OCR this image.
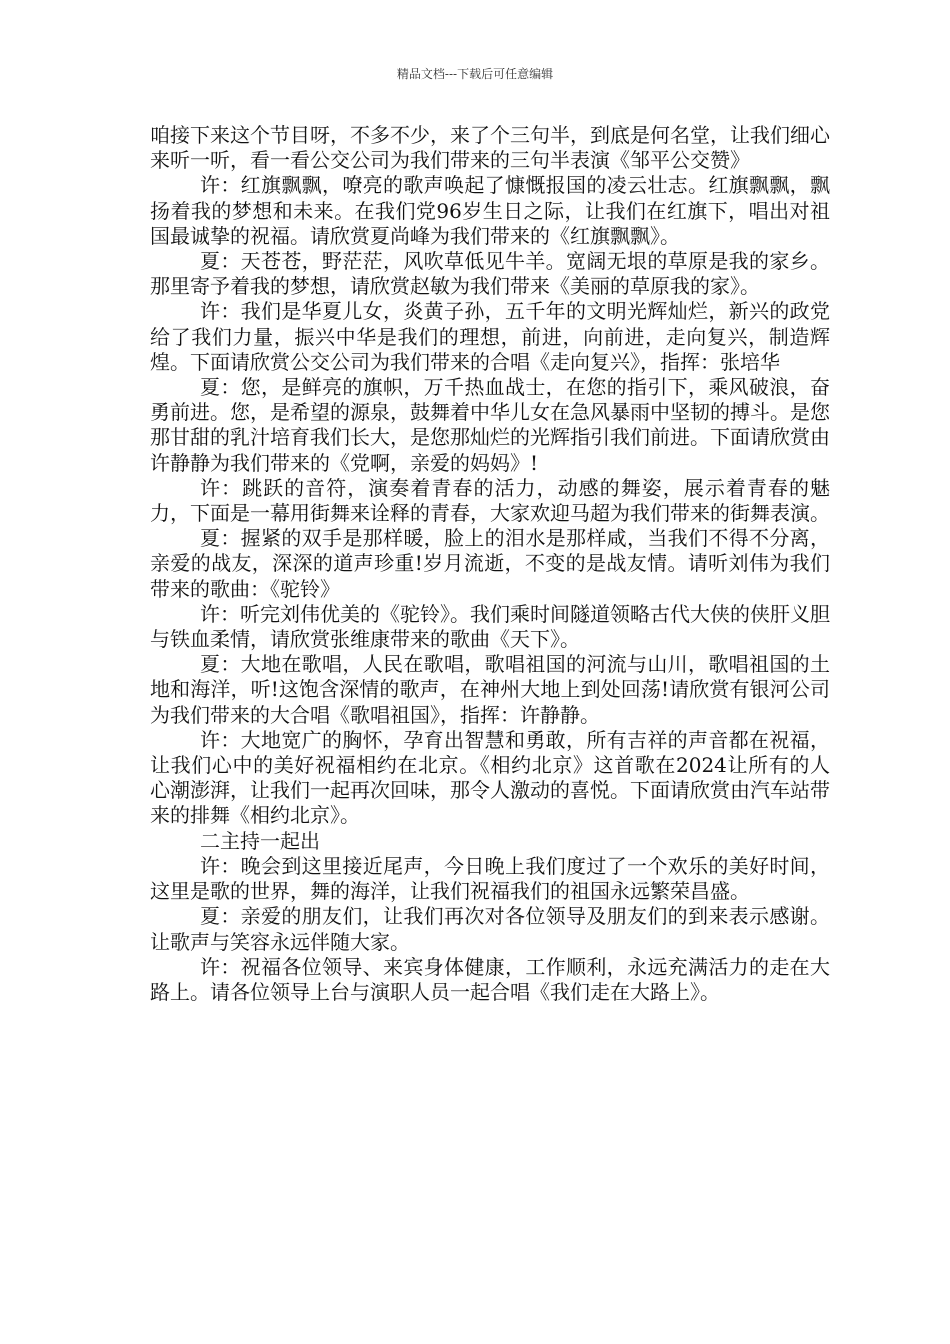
精品文档---下载后可任意编辑

咱接下来这个节目呀，不多不少，来了个三句半，到底是何名堂，让我们细心来听一听，看一看公交公司为我们带来的三句半表演《邹平公交赞》

许：红旗飘飘，嘹亮的歌声唤起了慷慨报国的凌云壮志。红旗飘飘，飘扬着我的梦想和未来。在我们党96岁生日之际，让我们在红旗下，唱出对祖国最诚挚的祝福。请欣赏夏尚峰为我们带来的《红旗飘飘》。

夏：天苍苍，野茫茫，风吹草低见牛羊。宽阔无垠的草原是我的家乡。那里寄予着我的梦想，请欣赏赵敏为我们带来《美丽的草原我的家》。

许：我们是华夏儿女，炎黄子孙，五千年的文明光辉灿烂，新兴的政党给了我们力量，振兴中华是我们的理想，前进，向前进，走向复兴，制造辉煌。下面请欣赏公交公司为我们带来的合唱《走向复兴》，指挥：张培华

夏：您，是鲜亮的旗帜，万千热血战士，在您的指引下，乘风破浪，奋勇前进。您，是希望的源泉，鼓舞着中华儿女在急风暴雨中坚韧的搏斗。是您那甘甜的乳汁培育我们长大，是您那灿烂的光辉指引我们前进。下面请欣赏由许静静为我们带来的《党啊，亲爱的妈妈》!

许：跳跃的音符，演奏着青春的活力，动感的舞姿，展示着青春的魅力，下面是一幕用街舞来诠释的青春，大家欢迎马超为我们带来的街舞表演。

夏：握紧的双手是那样暖，脸上的泪水是那样咸，当我们不得不分离，亲爱的战友，深深的道声珍重!岁月流逝，不变的是战友情。请听刘伟为我们带来的歌曲：《驼铃》

许：听完刘伟优美的《驼铃》。我们乘时间隧道领略古代大侠的侠肝义胆与铁血柔情，请欣赏张维康带来的歌曲《天下》。

夏：大地在歌唱，人民在歌唱，歌唱祖国的河流与山川，歌唱祖国的土地和海洋，听!这饱含深情的歌声，在神州大地上到处回荡!请欣赏有银河公司为我们带来的大合唱《歌唱祖国》，指挥：许静静。

许：大地宽广的胸怀，孕育出智慧和勇敢，所有吉祥的声音都在祝福，让我们心中的美好祝福相约在北京。《相约北京》这首歌在2024让所有的人心潮澎湃，让我们一起再次回味，那令人激动的喜悦。下面请欣赏由汽车站带来的排舞《相约北京》。

二主持一起出

许：晚会到这里接近尾声，今日晚上我们度过了一个欢乐的美好时间，这里是歌的世界，舞的海洋，让我们祝福我们的祖国永远繁荣昌盛。

夏：亲爱的朋友们，让我们再次对各位领导及朋友们的到来表示感谢。让歌声与笑容永远伴随大家。

许：祝福各位领导、来宾身体健康，工作顺利，永远充满活力的走在大路上。请各位领导上台与演职人员一起合唱《我们走在大路上》。
